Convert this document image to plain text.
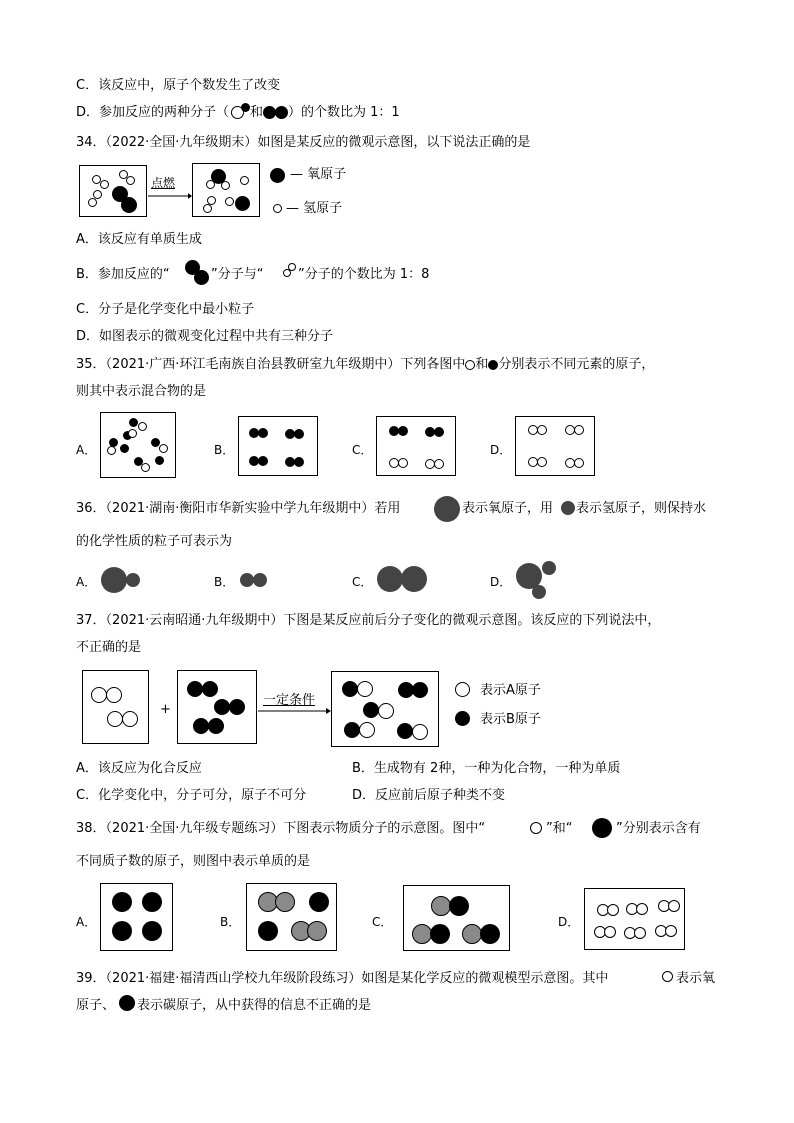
C．该反应中，原子个数发生了改变
D．参加反应的两种分子（ 和 ）的个数比为 1：1
34．（2022·全国·九年级期末）如图是某反应的微观示意图，以下说法正确的是
点燃
— 氧原子
— 氢原子
A．该反应有单质生成
B．参加反应的“	”分子与“	”分子的个数比为 1：8
C．分子是化学变化中最小粒子
D．如图表示的微观变化过程中共有三种分子
35．（2021·广西·环江毛南族自治县教研室九年级期中）下列各图中 和 分别表示不同元素的原子，
则其中表示混合物的是
A．	B．	C．	D．
36．（2021·湖南·衡阳市华新实验中学九年级期中）若用	表示氧原子，用 表示氢原子，则保持水
的化学性质的粒子可表示为
A．	B．	C．	D．
37．（2021·云南昭通·九年级期中）下图是某反应前后分子变化的微观示意图。该反应的下列说法中，
不正确的是
+
一定条件
表示A原子
表示B原子
A．该反应为化合反应	B．生成物有 2种，一种为化合物，一种为单质
C．化学变化中，分子可分，原子不可分	D．反应前后原子种类不变
38．（2021·全国·九年级专题练习）下图表示物质分子的示意图。图中“	”和“	”分别表示含有
不同质子数的原子，则图中表示单质的是
A．	B．	C．	D．
39．（2021·福建·福清西山学校九年级阶段练习）如图是某化学反应的微观模型示意图。其中	表示氧
原子、 表示碳原子，从中获得的信息不正确的是
